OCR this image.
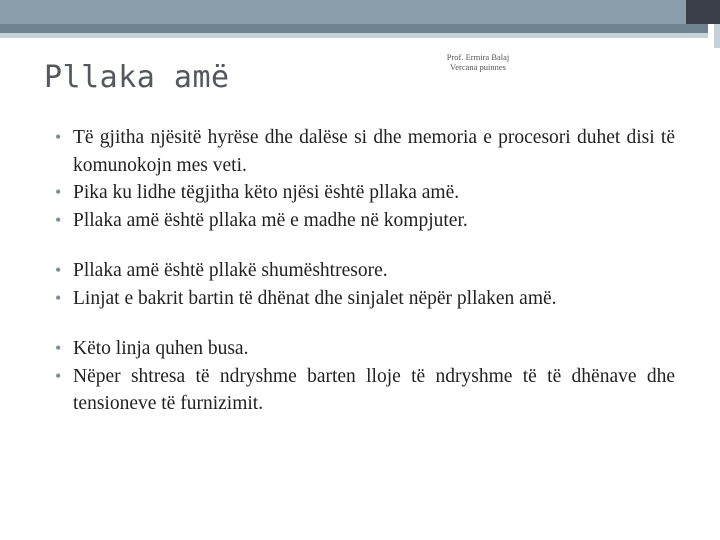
Pllaka amë
Prof. Ermira Balaj
Vercana puinnes
• Të gjitha njësitë hyrëse dhe dalëse si dhe memoria e procesori duhet disi të komunokojn mes veti.
• Pika ku lidhe tëgjitha këto njësi është pllaka amë.
• Pllaka amë është pllaka më e madhe në kompjuter.
• Pllaka amë është pllakë shumështresore.
• Linjat e bakrit bartin të dhënat dhe sinjalet nëpër pllaken amë.
• Këto linja quhen busa.
• Nëper shtresa të ndryshme barten lloje të ndryshme të të dhënave dhe tensioneve të furnizimit.
